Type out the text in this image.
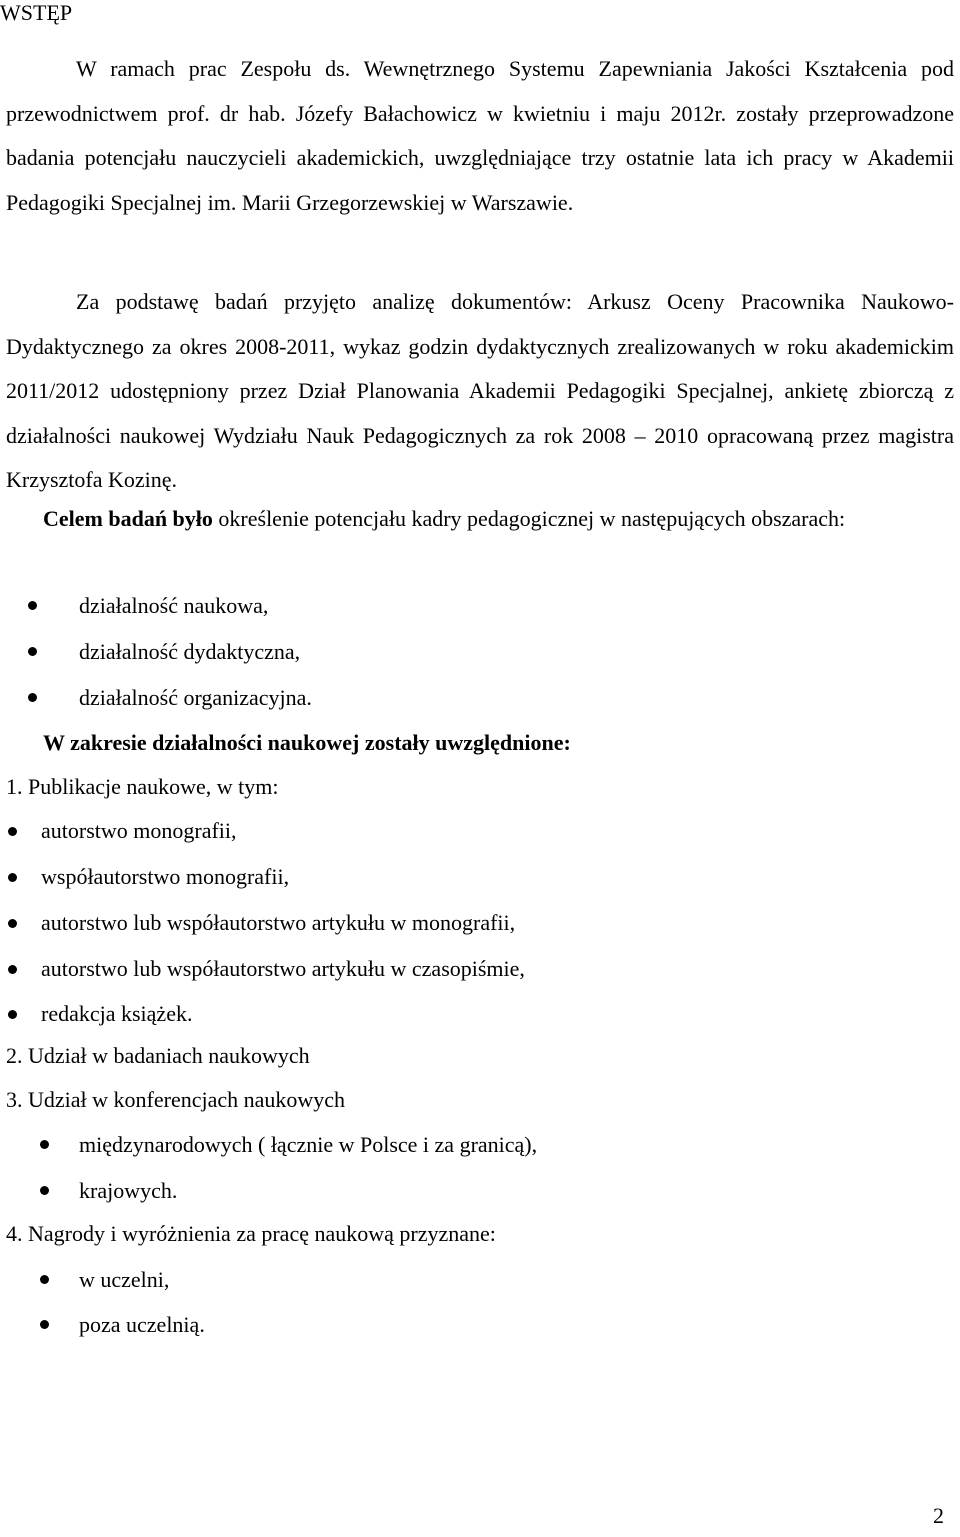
WSTĘP

W ramach prac Zespołu ds. Wewnętrznego Systemu Zapewniania Jakości Kształcenia pod przewodnictwem prof. dr hab. Józefy Bałachowicz w kwietniu i maju 2012r. zostały przeprowadzone badania potencjału nauczycieli akademickich, uwzględniające trzy ostatnie lata ich pracy w Akademii Pedagogiki Specjalnej im. Marii Grzegorzewskiej w Warszawie.

Za podstawę badań przyjęto analizę dokumentów: Arkusz Oceny Pracownika Naukowo-Dydaktycznego za okres 2008-2011, wykaz godzin dydaktycznych zrealizowanych w roku akademickim 2011/2012 udostępniony przez Dział Planowania Akademii Pedagogiki Specjalnej, ankietę zbiorczą z działalności naukowej Wydziału Nauk Pedagogicznych za rok 2008 – 2010 opracowaną przez magistra Krzysztofa Kozinę.

Celem badań było określenie potencjału kadry pedagogicznej w następujących obszarach:

działalność naukowa,
działalność dydaktyczna,
działalność organizacyjna.
W zakresie działalności naukowej zostały uwzględnione:
1. Publikacje naukowe, w tym:
autorstwo monografii,
współautorstwo monografii,
autorstwo lub współautorstwo artykułu w monografii,
autorstwo lub współautorstwo artykułu w czasopiśmie,
redakcja książek.
2. Udział w badaniach naukowych
3. Udział w konferencjach naukowych
międzynarodowych ( łącznie w Polsce i za granicą),
krajowych.
4. Nagrody i wyróżnienia za pracę naukową przyznane:
w uczelni,
poza uczelnią.
2
